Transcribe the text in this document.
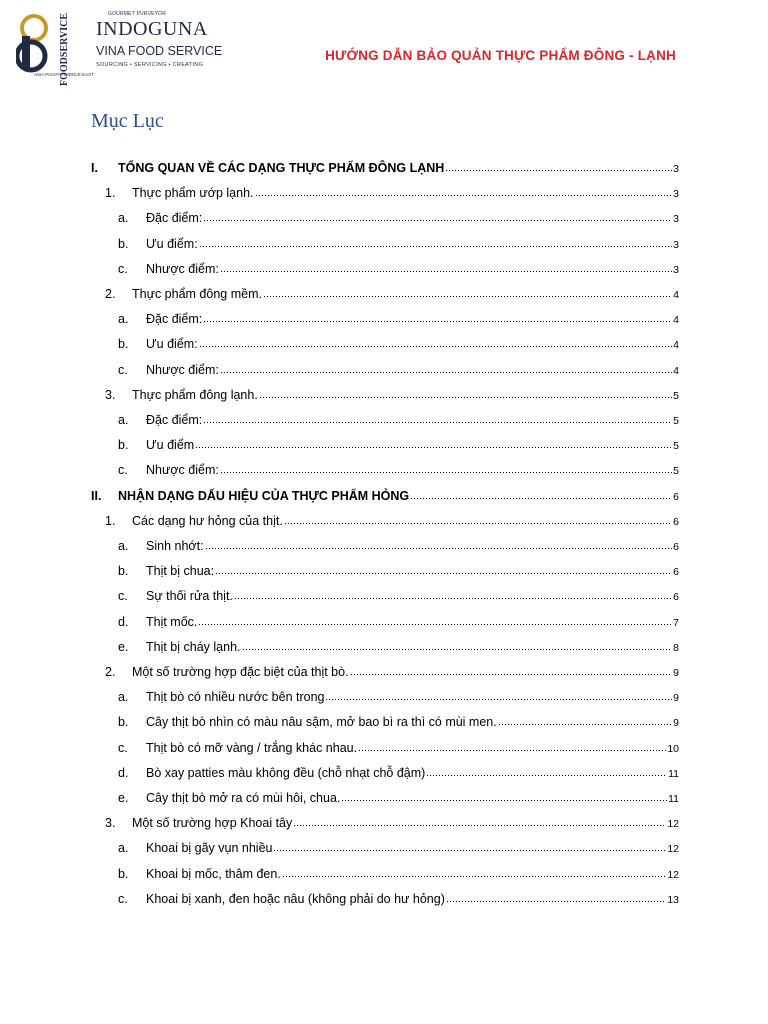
FOODSERVICE
ASIA PACIFIC MIDDLE EAST
GOURMET PURVEYOR
INDOGUNA
VINA FOOD SERVICE
SOURCING • SERVICING • CREATING
HƯỚNG DẪN BẢO QUẢN THỰC PHẨM ĐÔNG - LẠNH
Mục Lục
I.	TỔNG QUAN VỀ CÁC DẠNG THỰC PHẨM ĐÔNG LẠNH	3
1.	Thực phẩm ướp lạnh.	3
a.	Đặc điểm:	3
b.	Ưu điểm:	3
c.	Nhược điểm:	3
2.	Thực phẩm đông mềm.	4
a.	Đặc điểm:	4
b.	Ưu điểm:	4
c.	Nhược điểm:	4
3.	Thực phẩm đông lạnh.	5
a.	Đặc điểm:	5
b.	Ưu điểm	5
c.	Nhược điểm:	5
II.	NHẬN DẠNG DẤU HIỆU CỦA THỰC PHẨM HỎNG	6
1.	Các dạng hư hỏng của thịt.	6
a.	Sinh nhớt:	6
b.	Thịt bị chua:	6
c.	Sự thối rửa thịt.	6
d.	Thịt mốc.	7
e.	Thịt bị cháy lạnh.	8
2.	Một số trường hợp đặc biệt của thịt bò.	9
a.	Thịt bò có nhiều nước bên trong	9
b.	Cây thịt bò nhìn có màu nâu sậm, mở bao bì ra thì có mùi men.	9
c.	Thịt bò có mỡ vàng / trắng khác nhau.	10
d.	Bò xay patties màu không đều (chỗ nhạt chỗ đậm)	11
e.	Cây thịt bò mở ra có mùi hôi, chua.	11
3.	Một số trường hợp Khoai tây	12
a.	Khoai bị gãy vụn nhiều	12
b.	Khoai bị mốc, thâm đen.	12
c.	Khoai bị xanh, đen hoặc nâu (không phải do hư hỏng)	13
